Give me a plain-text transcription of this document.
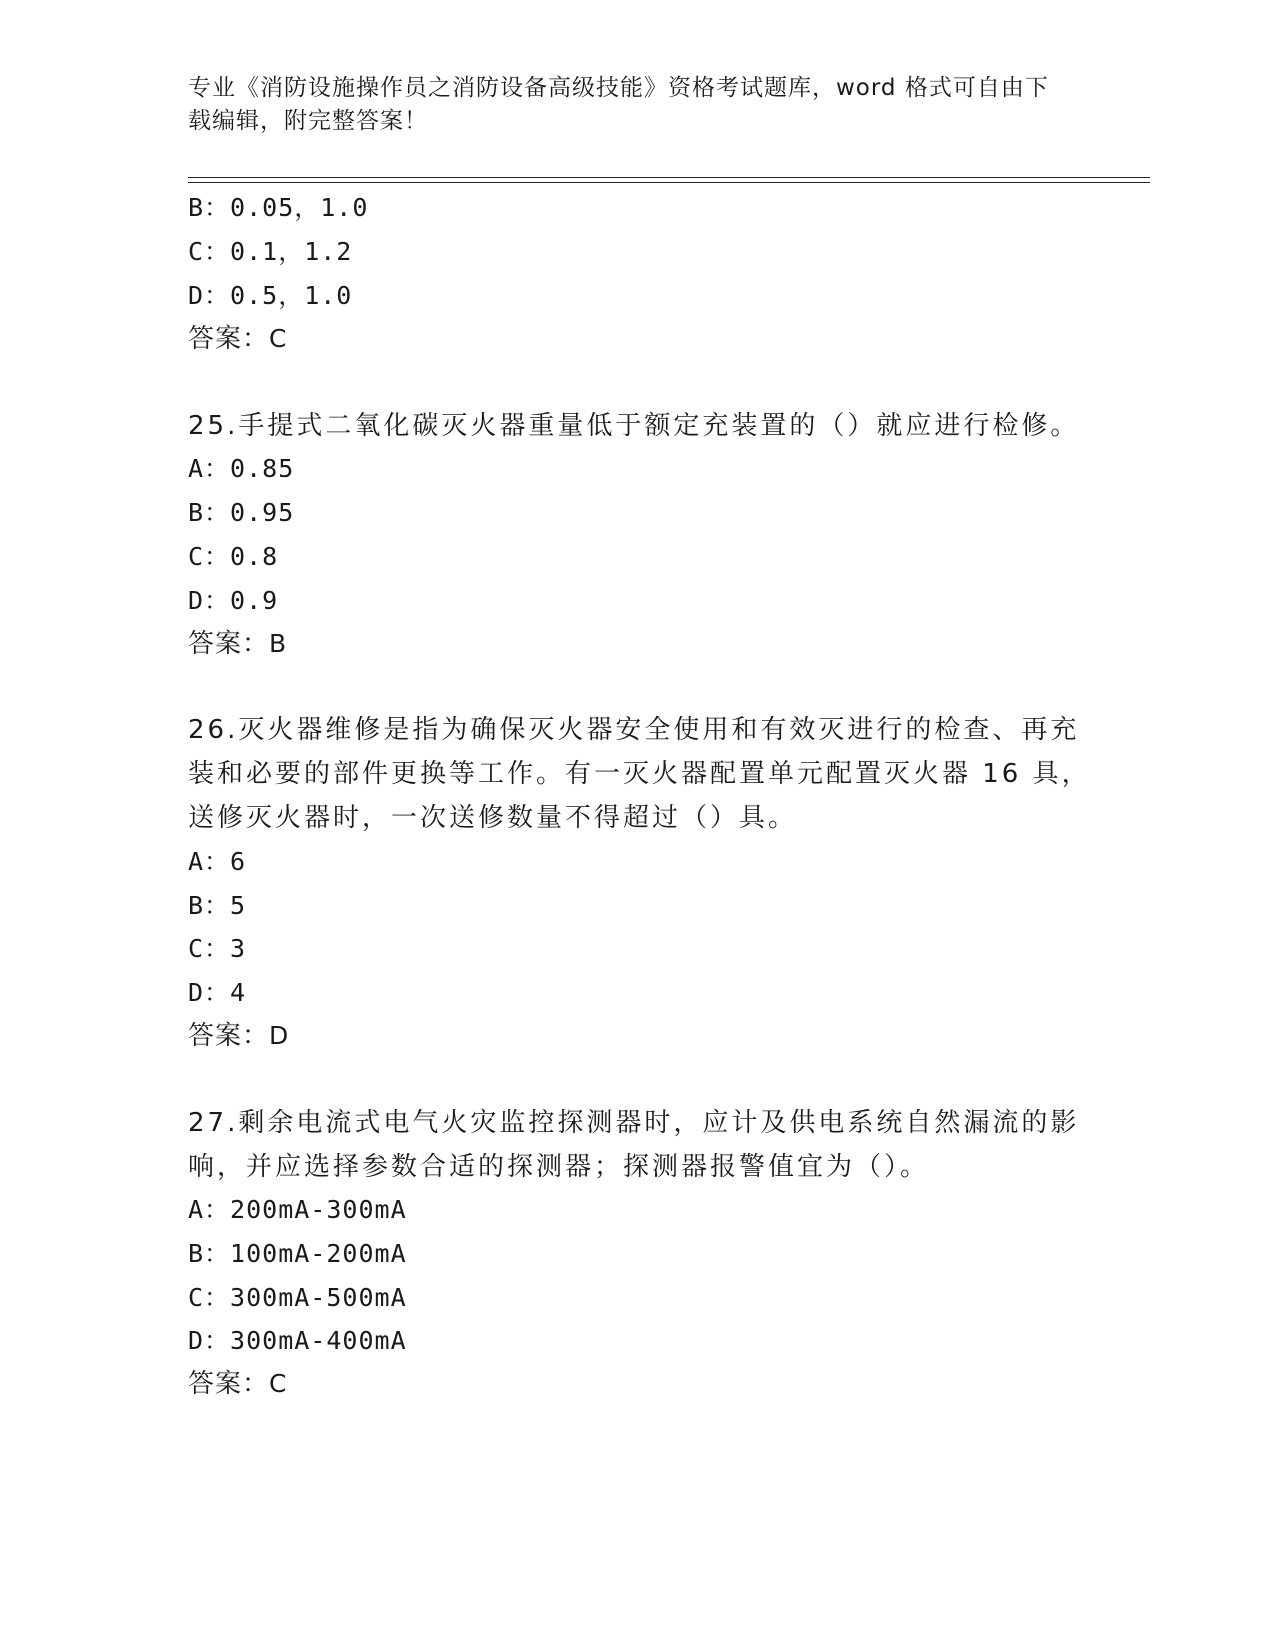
专业《消防设施操作员之消防设备高级技能》资格考试题库，word 格式可自由下
载编辑，附完整答案！
B：0.05，1.0
C：0.1，1.2
D：0.5，1.0
答案：C
25.手提式二氧化碳灭火器重量低于额定充装置的（）就应进行检修。
A：0.85
B：0.95
C：0.8
D：0.9
答案：B
26.灭火器维修是指为确保灭火器安全使用和有效灭进行的检查、再充
装和必要的部件更换等工作。有一灭火器配置单元配置灭火器 16 具，
送修灭火器时，一次送修数量不得超过（）具。
A：6
B：5
C：3
D：4
答案：D
27.剩余电流式电气火灾监控探测器时，应计及供电系统自然漏流的影
响，并应选择参数合适的探测器；探测器报警值宜为（）。
A：200mA-300mA
B：100mA-200mA
C：300mA-500mA
D：300mA-400mA
答案：C
